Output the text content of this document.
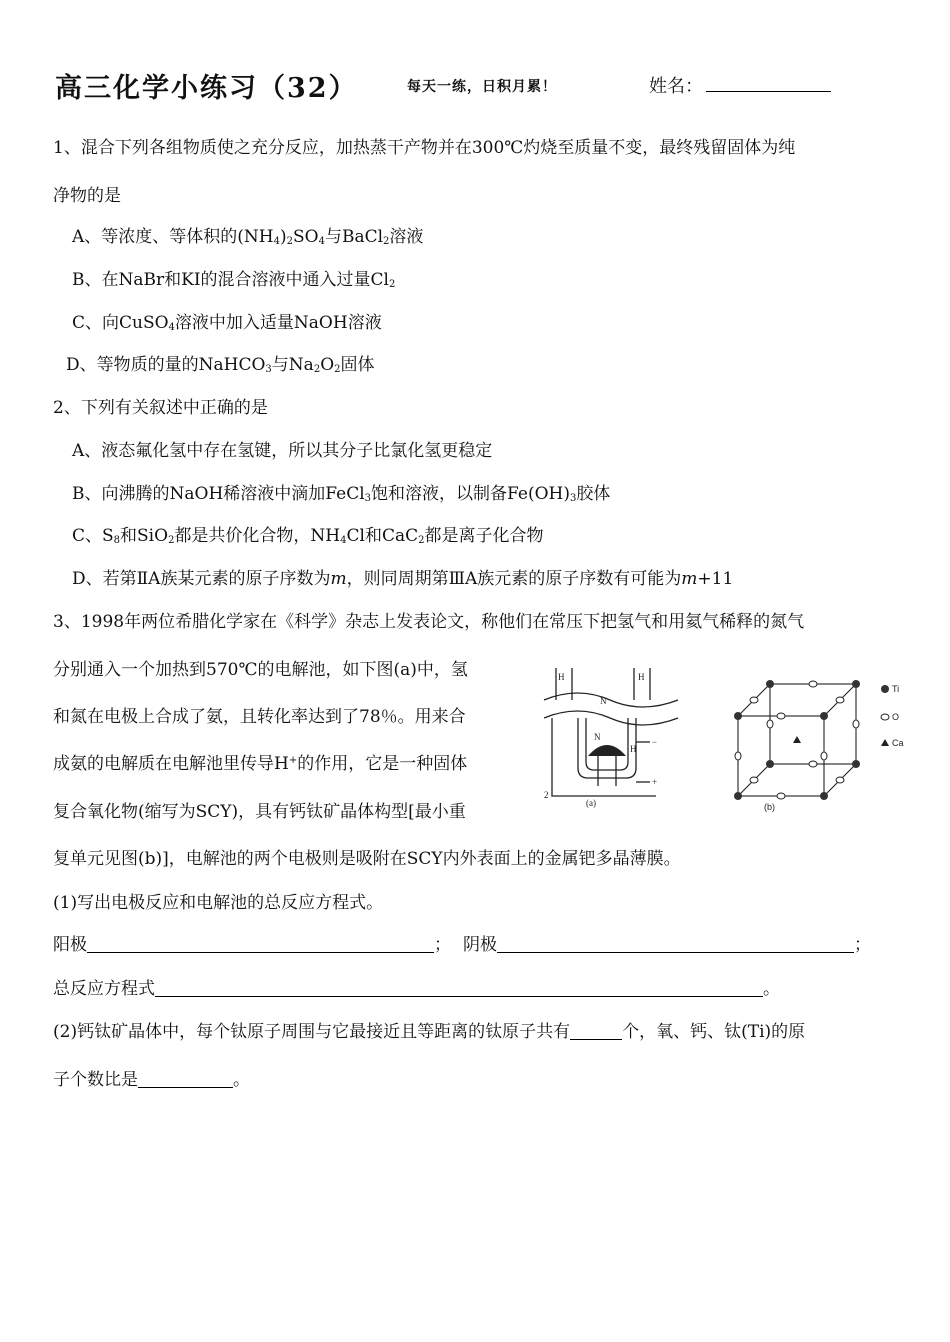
高三化学小练习（32）	每天一练，日积月累！	姓名：
1、混合下列各组物质使之充分反应，加热蒸干产物并在300℃灼烧至质量不变，最终残留固体为纯
净物的是
A、等浓度、等体积的$(NH_4)_2SO_4$与BaCl$_2$溶液
B、在NaBr和KI的混合溶液中通入过量$Cl_2$
C、向CuSO$_4$溶液中加入适量NaOH溶液
D、等物质的量的NaHCO$_3$与$Na_2O_2$固体
2、下列有关叙述中正确的是
A、液态氟化氢中存在氢键，所以其分子比氯化氢更稳定
B、向沸腾的NaOH稀溶液中滴加FeCl$_3$饱和溶液，以制备$Fe(OH)_3$胶体
C、$S_8$和SiO$_2$都是共价化合物，$NH_4Cl$和CaC$_2$都是离子化合物
D、若第ⅡA族某元素的原子序数为m，则同周期第ⅢA族元素的原子序数有可能为m+11
3、1998年两位希腊化学家在《科学》杂志上发表论文，称他们在常压下把氢气和用氦气稀释的氮气
分别通入一个加热到570℃的电解池，如下图(a)中，氢
和氮在电极上合成了氨，且转化率达到了78％。用来合
成氨的电解质在电解池里传导H+的作用，它是一种固体
复合氧化物(缩写为SCY)，具有钙钛矿晶体构型[最小重
复单元见图(b)]，电解池的两个电极则是吸附在SCY内外表面上的金属钯多晶薄膜。
(1)写出电极反应和电解池的总反应方程式。
阳极	； 阴极	；
总反应方程式	。
(2)钙钛矿晶体中，每个钛原子周围与它最接近且等距离的钛原子共有	个，氧、钙、钛(Ti)的原
子个数比是	。
H	H
N
N
H
H
−
+
2
(a)
Ti
O
Ca
(b)
